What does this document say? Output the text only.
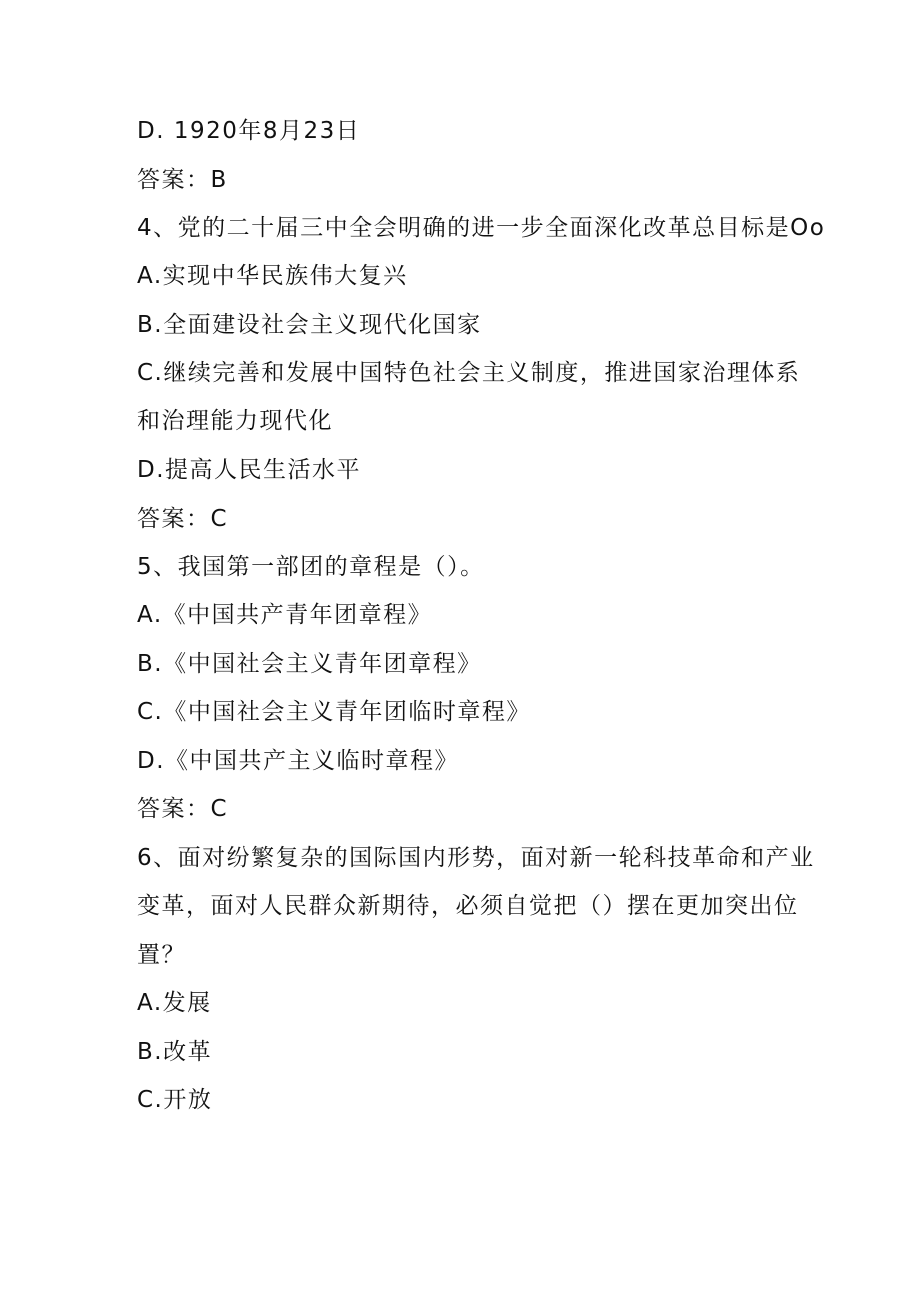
D. 1920年8月23日
答案：B
4、党的二十届三中全会明确的进一步全面深化改革总目标是Oo
A.实现中华民族伟大复兴
B.全面建设社会主义现代化国家
C.继续完善和发展中国特色社会主义制度，推进国家治理体系
和治理能力现代化
D.提高人民生活水平
答案：C
5、我国第一部团的章程是（）。
A.《中国共产青年团章程》
B.《中国社会主义青年团章程》
C.《中国社会主义青年团临时章程》
D.《中国共产主义临时章程》
答案：C
6、面对纷繁复杂的国际国内形势，面对新一轮科技革命和产业
变革，面对人民群众新期待，必须自觉把（）摆在更加突出位
置？
A.发展
B.改革
C.开放
